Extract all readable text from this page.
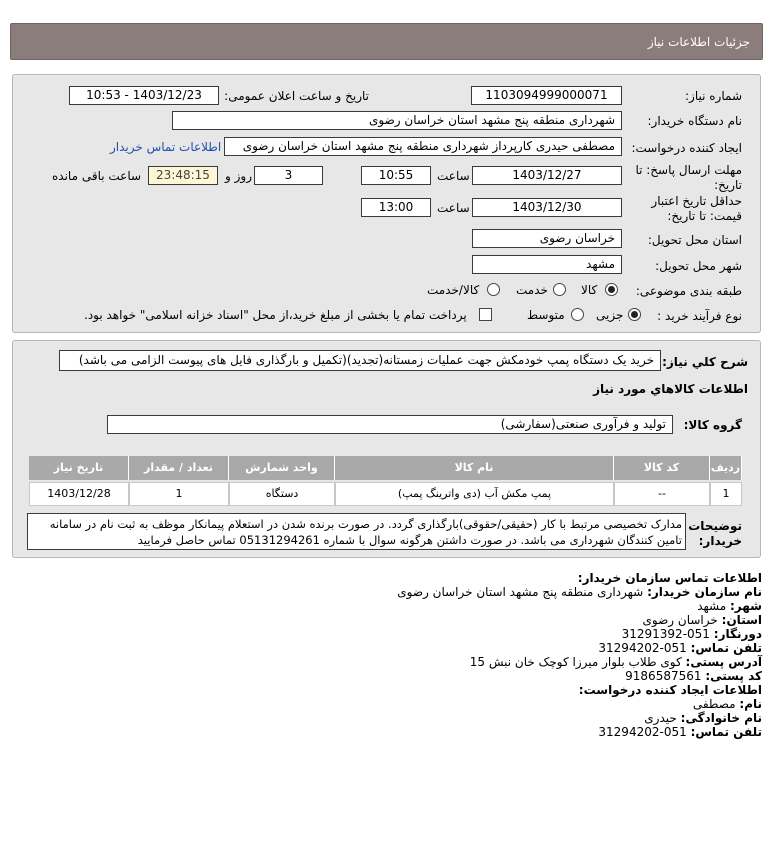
جزئیات اطلاعات نیاز
شماره نیاز:
1103094999000071
تاریخ و ساعت اعلان عمومی:
1403/12/23 - 10:53
نام دستگاه خریدار:
شهرداری منطقه پنج مشهد استان خراسان رضوی
ایجاد کننده درخواست:
مصطفی حیدری کارپرداز شهرداری منطقه پنج مشهد استان خراسان رضوی
اطلاعات تماس خریدار
مهلت ارسال پاسخ: تا
تاریخ:
1403/12/27
ساعت
10:55
3
روز و
23:48:15
ساعت باقی مانده
حداقل تاریخ اعتبار
قیمت: تا تاریخ:
1403/12/30
ساعت
13:00
استان محل تحویل:
خراسان رضوی
شهر محل تحویل:
مشهد
طبقه بندی موضوعی:
کالا
خدمت
کالا/خدمت
نوع فرآیند خرید :
جزیی
متوسط
پرداخت تمام یا بخشی از مبلغ خرید،از محل "اسناد خزانه اسلامی" خواهد بود.
شرح کلي نياز:
خرید یک دستگاه پمپ خودمکش جهت عملیات زمستانه(تجدید)(تکمیل و بارگذاری فایل های پیوست الزامی می باشد)
اطلاعات کالاهاي مورد نياز
گروه کالا:
تولید و فرآوری صنعتی(سفارشی)
ردیف
کد کالا
نام کالا
واحد شمارش
تعداد / مقدار
تاریخ نیاز
1
--
پمپ مکش آب (دی واترینگ پمپ)
دستگاه
1
1403/12/28
توضیحات
خریدار:
مدارک تخصیصی مرتبط با کار (حقیقی/حقوقی)بارگذاری گردد. در صورت برنده شدن در استعلام پیمانکار موظف به ثبت نام در سامانه
تامین کنندگان شهرداری می باشد. در صورت داشتن هرگونه سوال با شماره 05131294261 تماس حاصل فرمایید
اطلاعات تماس سازمان خریدار:
نام سازمان خریدار: شهرداری منطقه پنج مشهد استان خراسان رضوی
شهر: مشهد
استان: خراسان رضوی
دورنگار: 051-31291392
تلفن تماس: 051-31294202
آدرس پستی: کوی طلاب بلوار میرزا کوچک خان نبش 15
کد پستی: 9186587561
اطلاعات ایجاد کننده درخواست:
نام: مصطفی
نام خانوادگی: حیدری
تلفن تماس: 051-31294202
